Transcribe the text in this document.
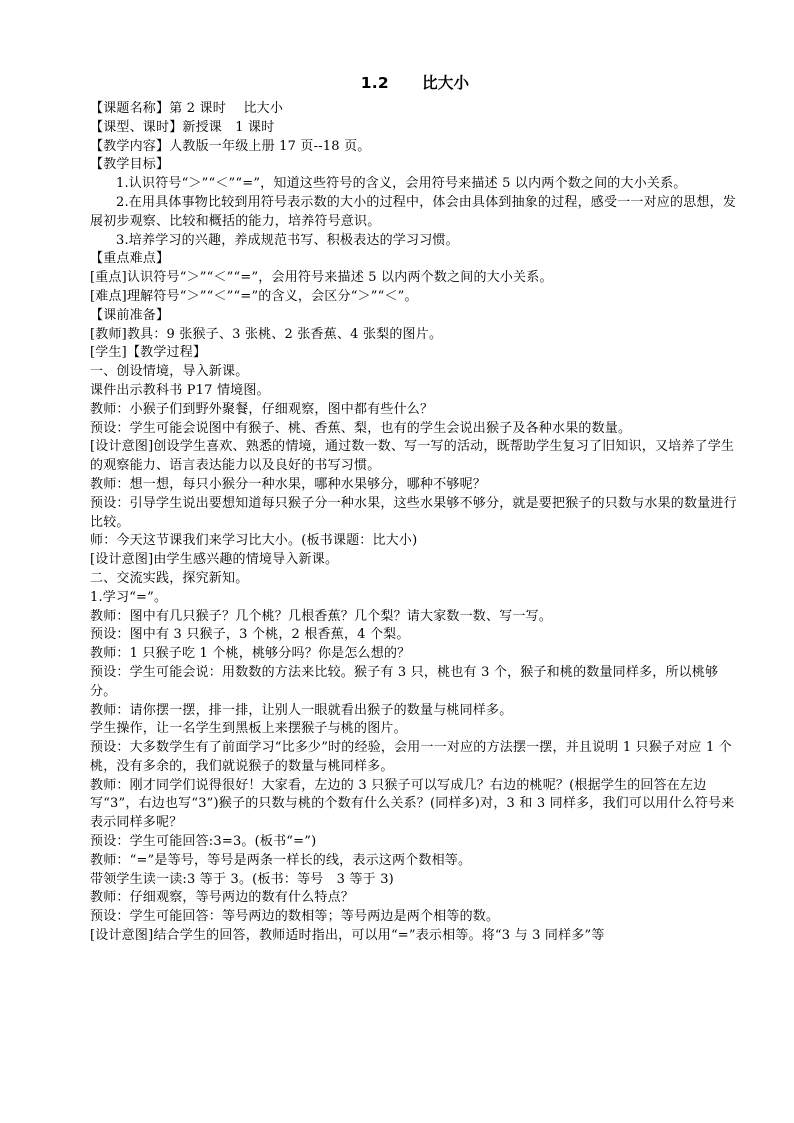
1.2　 比大小

【课题名称】第 2 课时　 比大小

【课型、课时】新授课　1 课时

【教学内容】人教版一年级上册 17 页--18 页。

【教学目标】

1.认识符号“＞”“＜”“=”，知道这些符号的含义，会用符号来描述 5 以内两个数之间的大小关系。

2.在用具体事物比较到用符号表示数的大小的过程中，体会由具体到抽象的过程，感受一一对应的思想，发展初步观察、比较和概括的能力，培养符号意识。

3.培养学习的兴趣，养成规范书写、积极表达的学习习惯。

【重点难点】

[重点]认识符号“＞”“＜”“=”，会用符号来描述 5 以内两个数之间的大小关系。

[难点]理解符号“＞”“＜”“=”的含义，会区分“＞”“＜”。

【课前准备】

[教师]教具：9 张猴子、3 张桃、2 张香蕉、4 张梨的图片。

[学生]【教学过程】

一、创设情境，导入新课。

课件出示教科书 P17 情境图。

教师：小猴子们到野外聚餐，仔细观察，图中都有些什么？

预设：学生可能会说图中有猴子、桃、香蕉、梨，也有的学生会说出猴子及各种水果的数量。

[设计意图]创设学生喜欢、熟悉的情境，通过数一数、写一写的活动，既帮助学生复习了旧知识，又培养了学生的观察能力、语言表达能力以及良好的书写习惯。

教师：想一想，每只小猴分一种水果，哪种水果够分，哪种不够呢？

预设：引导学生说出要想知道每只猴子分一种水果，这些水果够不够分，就是要把猴子的只数与水果的数量进行比较。

师：今天这节课我们来学习比大小。(板书课题：比大小)

[设计意图]由学生感兴趣的情境导入新课。

二、交流实践，探究新知。

1.学习“=”。

教师：图中有几只猴子？几个桃？几根香蕉？几个梨？请大家数一数、写一写。

预设：图中有 3 只猴子，3 个桃，2 根香蕉，4 个梨。

教师：1 只猴子吃 1 个桃，桃够分吗？你是怎么想的？

预设：学生可能会说：用数数的方法来比较。猴子有 3 只，桃也有 3 个，猴子和桃的数量同样多，所以桃够分。

教师：请你摆一摆，排一排，让别人一眼就看出猴子的数量与桃同样多。

学生操作，让一名学生到黑板上来摆猴子与桃的图片。

预设：大多数学生有了前面学习“比多少”时的经验，会用一一对应的方法摆一摆，并且说明 1 只猴子对应 1 个桃，没有多余的，我们就说猴子的数量与桃同样多。

教师：刚才同学们说得很好！大家看，左边的 3 只猴子可以写成几？右边的桃呢？(根据学生的回答在左边写“3”，右边也写“3”)猴子的只数与桃的个数有什么关系？(同样多)对，3 和 3 同样多，我们可以用什么符号来表示同样多呢？

预设：学生可能回答:3=3。(板书“=”)

教师：“=”是等号，等号是两条一样长的线，表示这两个数相等。

带领学生读一读:3 等于 3。(板书：等号　3 等于 3)

教师：仔细观察，等号两边的数有什么特点？

预设：学生可能回答：等号两边的数相等；等号两边是两个相等的数。

[设计意图]结合学生的回答，教师适时指出，可以用“=”表示相等。将“3 与 3 同样多”等
